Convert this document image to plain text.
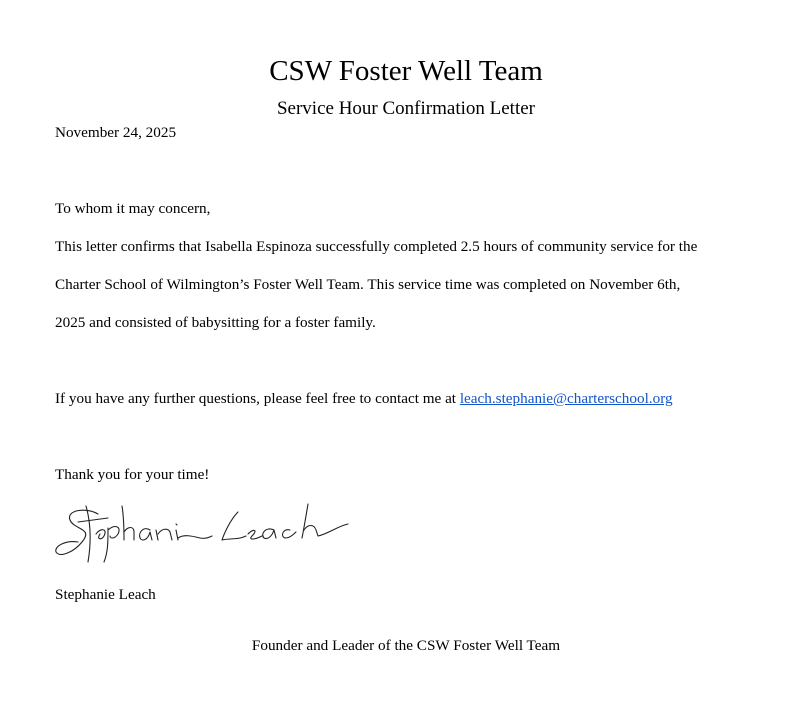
CSW Foster Well Team
Service Hour Confirmation Letter
November 24, 2025
To whom it may concern,
This letter confirms that Isabella Espinoza successfully completed 2.5 hours of community service for the
Charter School of Wilmington’s Foster Well Team. This service time was completed on November 6th,
2025 and consisted of babysitting for a foster family.
If you have any further questions, please feel free to contact me at leach.stephanie@charterschool.org
Thank you for your time!
Stephanie Leach
Founder and Leader of the CSW Foster Well Team
